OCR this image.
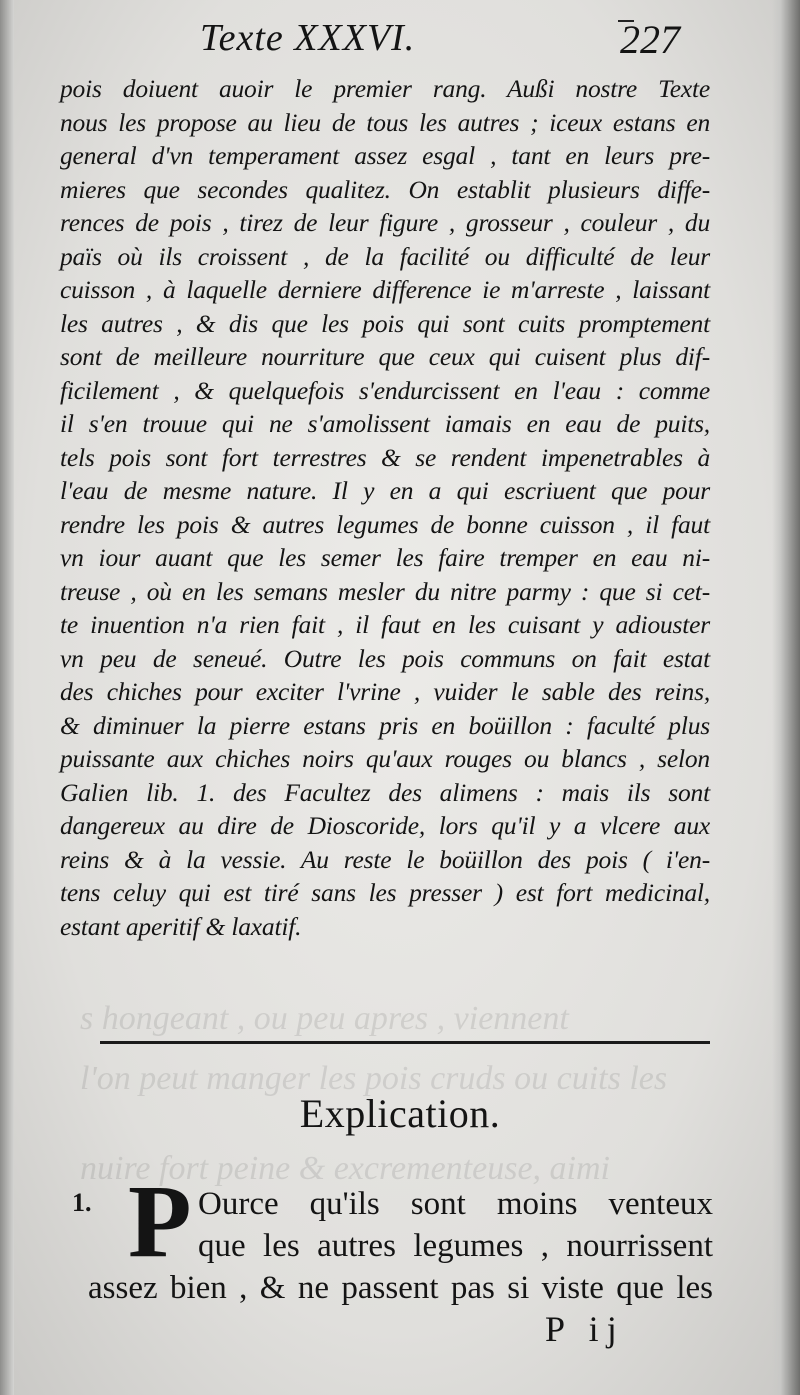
s hongeant , ou peu apres , viennent
l'on peut manger les pois cruds ou cuits les
nuire fort peine & excrementeuse, aimi
Texte XXXVI.	227
pois doiuent auoir le premier rang. Außi nostre Texte
nous les propose au lieu de tous les autres ; iceux estans en
general d'vn temperament assez esgal , tant en leurs pre-
mieres que secondes qualitez. On establit plusieurs diffe-
rences de pois , tirez de leur figure , grosseur , couleur , du
païs où ils croissent , de la facilité ou difficulté de leur
cuisson , à laquelle derniere difference ie m'arreste , laissant
les autres , & dis que les pois qui sont cuits promptement
sont de meilleure nourriture que ceux qui cuisent plus dif-
ficilement , & quelquefois s'endurcissent en l'eau : comme
il s'en trouue qui ne s'amolissent iamais en eau de puits,
tels pois sont fort terrestres & se rendent impenetrables à
l'eau de mesme nature. Il y en a qui escriuent que pour
rendre les pois & autres legumes de bonne cuisson , il faut
vn iour auant que les semer les faire tremper en eau ni-
treuse , où en les semans mesler du nitre parmy : que si cet-
te inuention n'a rien fait , il faut en les cuisant y adiouster
vn peu de seneué. Outre les pois communs on fait estat
des chiches pour exciter l'vrine , vuider le sable des reins,
& diminuer la pierre estans pris en boüillon : faculté plus
puissante aux chiches noirs qu'aux rouges ou blancs , selon
Galien lib. 1. des Facultez des alimens : mais ils sont
dangereux au dire de Dioscoride, lors qu'il y a vlcere aux
reins & à la vessie. Au reste le boüillon des pois ( i'en-
tens celuy qui est tiré sans les presser ) est fort medicinal,
estant aperitif & laxatif.
Explication.
1. P Ource qu'ils sont moins venteux
que les autres legumes , nourrissent
assez bien , & ne passent pas si viste que les
P ij
